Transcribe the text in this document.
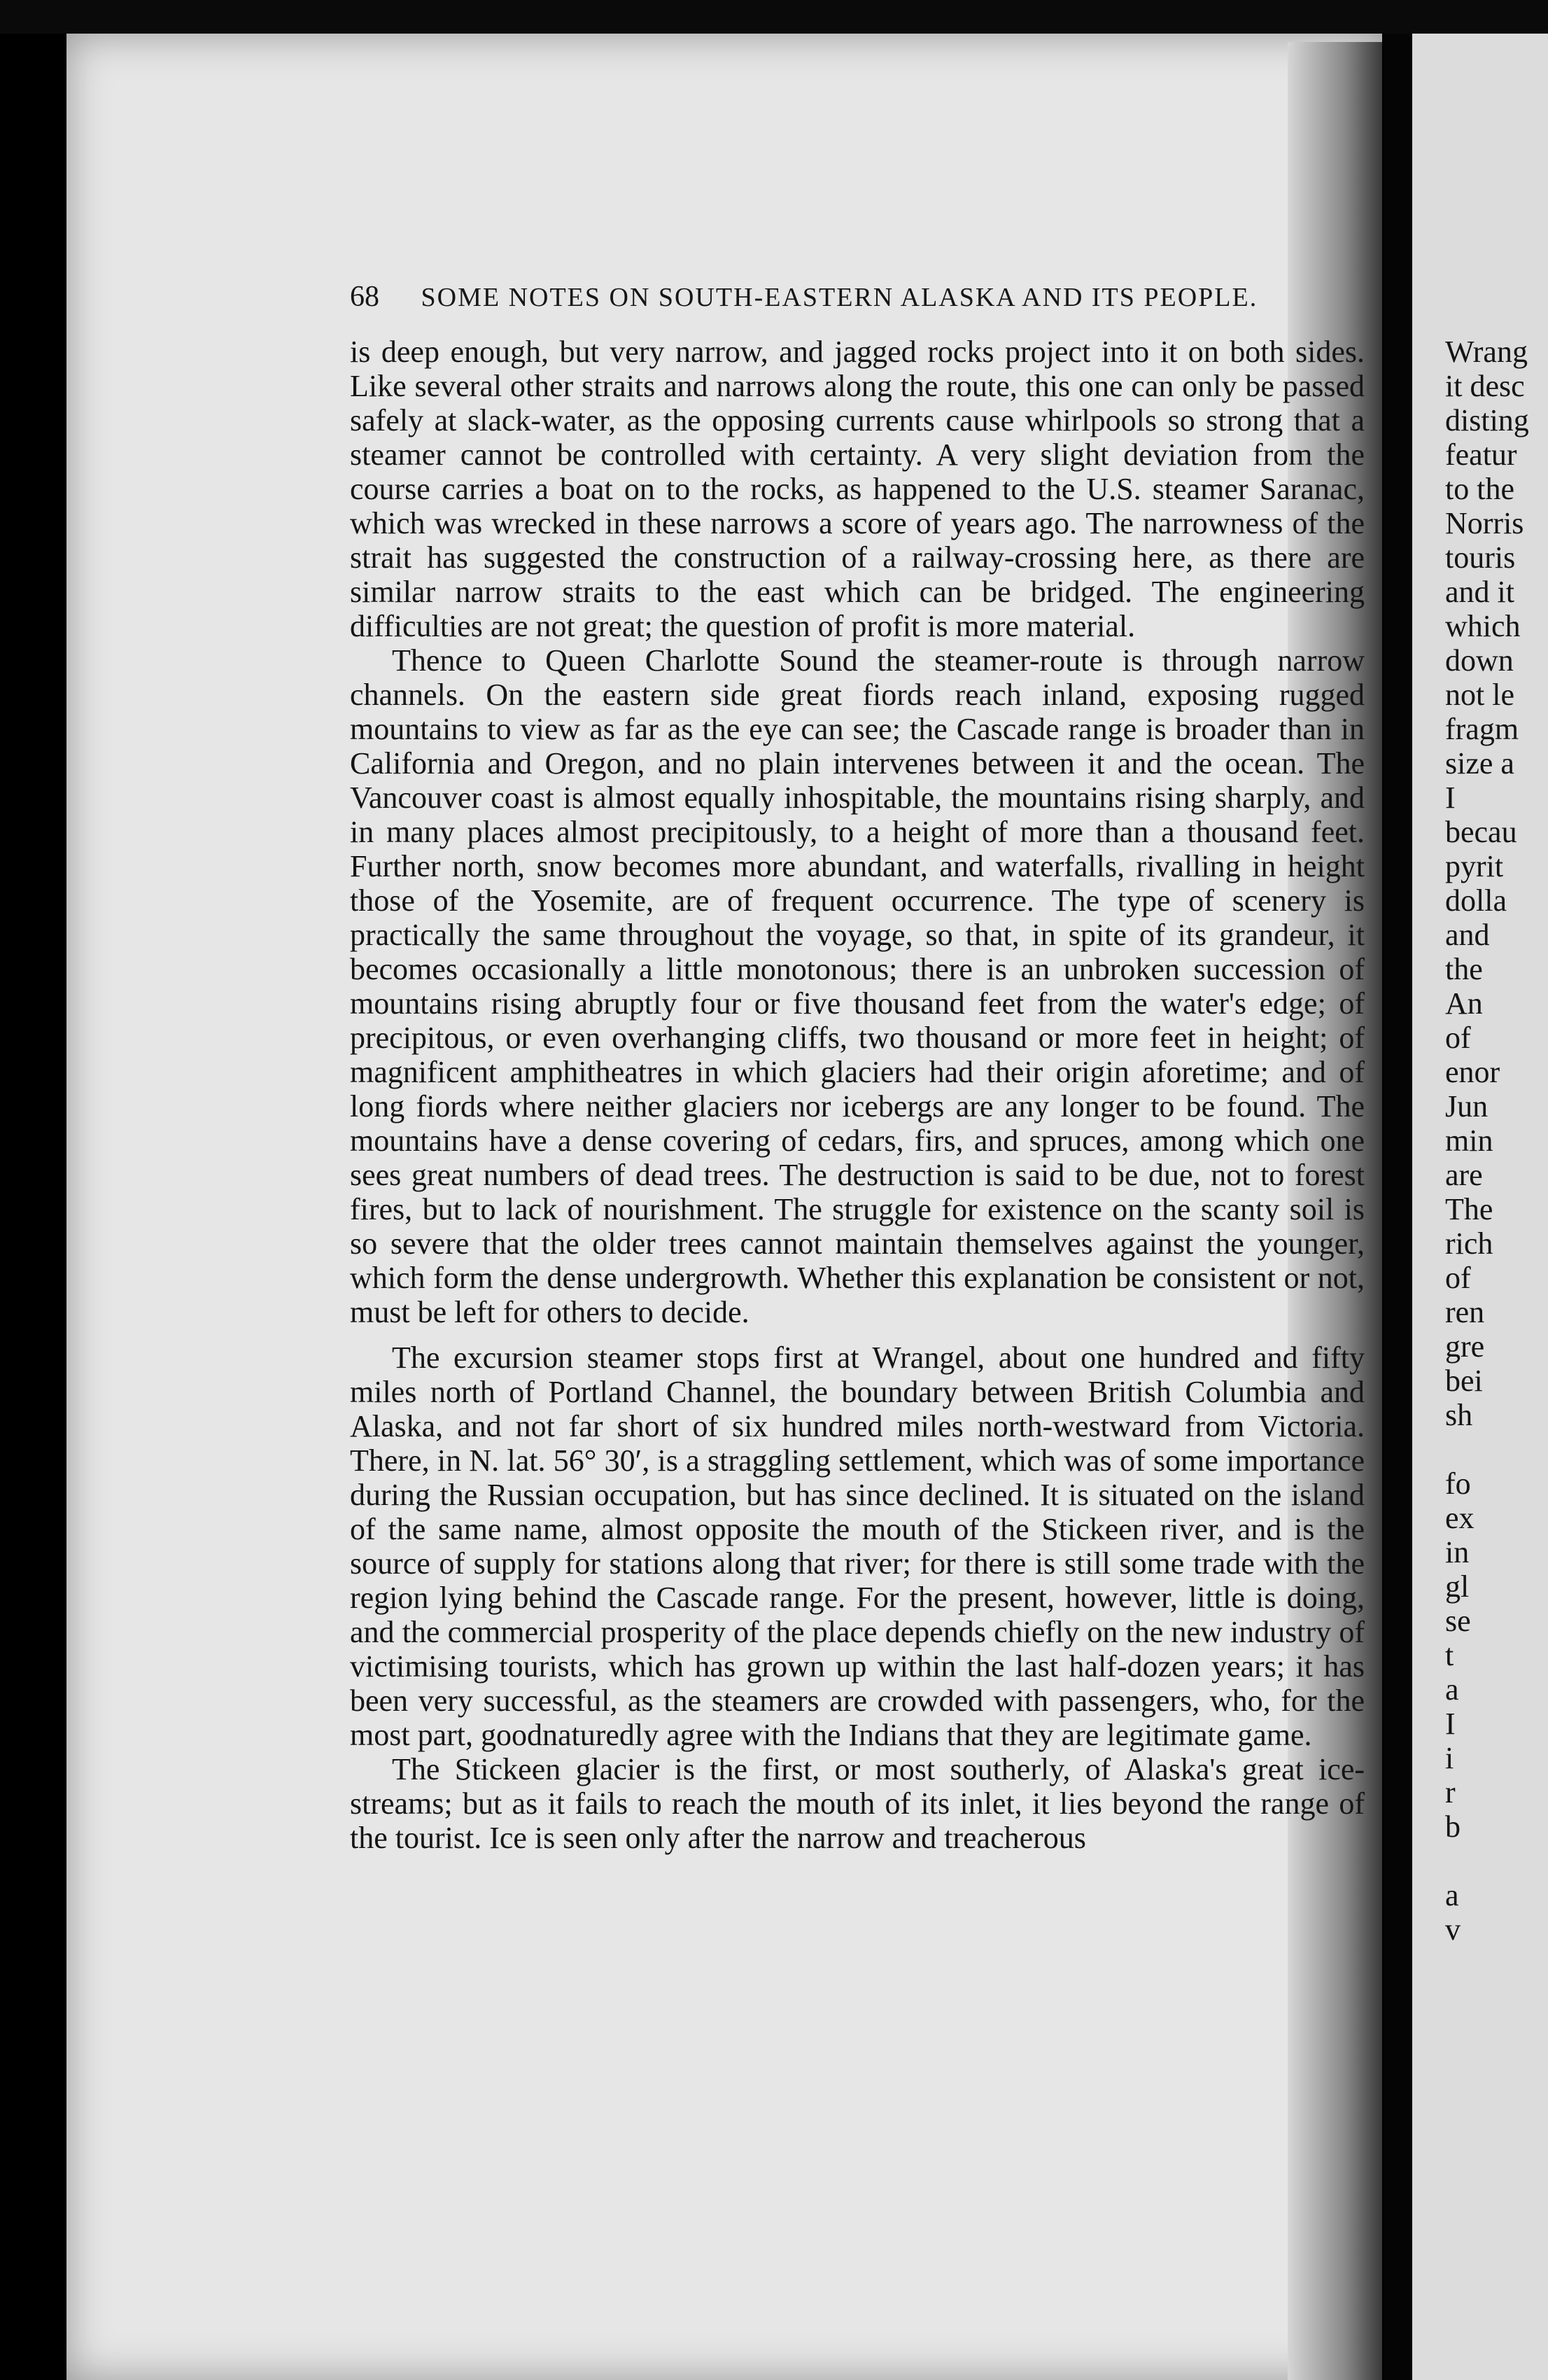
68 SOME NOTES ON SOUTH-EASTERN ALASKA AND ITS PEOPLE.

is deep enough, but very narrow, and jagged rocks project into it on both sides. Like several other straits and narrows along the route, this one can only be passed safely at slack-water, as the opposing currents cause whirlpools so strong that a steamer cannot be controlled with certainty. A very slight deviation from the course carries a boat on to the rocks, as happened to the U.S. steamer Saranac, which was wrecked in these narrows a score of years ago. The narrowness of the strait has suggested the construction of a railway-crossing here, as there are similar narrow straits to the east which can be bridged. The engineering difficulties are not great; the question of profit is more material.

Thence to Queen Charlotte Sound the steamer-route is through narrow channels. On the eastern side great fiords reach inland, exposing rugged mountains to view as far as the eye can see; the Cascade range is broader than in California and Oregon, and no plain intervenes between it and the ocean. The Vancouver coast is almost equally inhospitable, the mountains rising sharply, and in many places almost precipitously, to a height of more than a thousand feet. Further north, snow becomes more abundant, and waterfalls, rivalling in height those of the Yosemite, are of frequent occurrence. The type of scenery is practically the same throughout the voyage, so that, in spite of its grandeur, it becomes occasionally a little monotonous; there is an unbroken succession of mountains rising abruptly four or five thousand feet from the water's edge; of precipitous, or even overhanging cliffs, two thousand or more feet in height; of magnificent amphitheatres in which glaciers had their origin aforetime; and of long fiords where neither glaciers nor icebergs are any longer to be found. The mountains have a dense covering of cedars, firs, and spruces, among which one sees great numbers of dead trees. The destruction is said to be due, not to forest fires, but to lack of nourishment. The struggle for existence on the scanty soil is so severe that the older trees cannot maintain themselves against the younger, which form the dense undergrowth. Whether this explanation be consistent or not, must be left for others to decide.

The excursion steamer stops first at Wrangel, about one hundred and fifty miles north of Portland Channel, the boundary between British Columbia and Alaska, and not far short of six hundred miles north-westward from Victoria. There, in N. lat. 56° 30′, is a straggling settlement, which was of some importance during the Russian occupation, but has since declined. It is situated on the island of the same name, almost opposite the mouth of the Stickeen river, and is the source of supply for stations along that river; for there is still some trade with the region lying behind the Cascade range. For the present, however, little is doing, and the commercial prosperity of the place depends chiefly on the new industry of victimising tourists, which has grown up within the last half-dozen years; it has been very successful, as the steamers are crowded with passengers, who, for the most part, goodnaturedly agree with the Indians that they are legitimate game.

The Stickeen glacier is the first, or most southerly, of Alaska's great ice-streams; but as it fails to reach the mouth of its inlet, it lies beyond the range of the tourist. Ice is seen only after the narrow and treacherous

Wrang
it desc
disting
featur
to the
Norris
touris
and it
which
down
not le
fragm
size a
I
becau
pyrit
dolla
and
the
An
of
enor
Jun
min
are
The
rich
of
ren
gre
bei
sh
fo
ex
in
gl
se
t
a
I
i
r
b
a
v
